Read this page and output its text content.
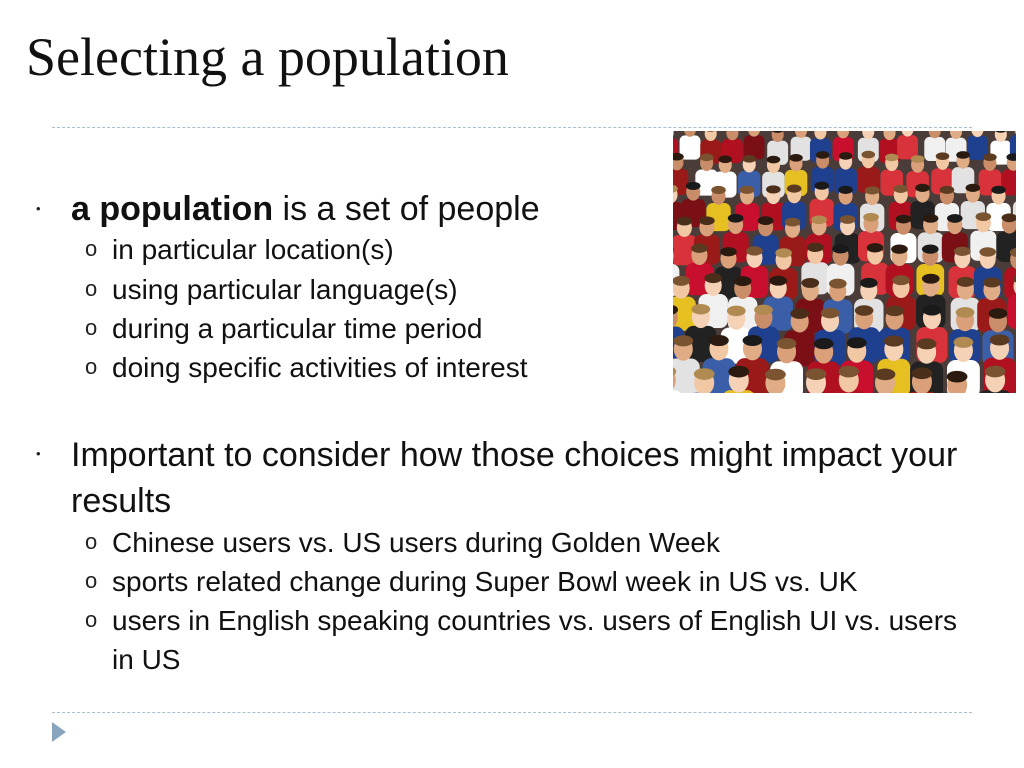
Selecting a population
• a population is a set of people
o in particular location(s)
o using particular language(s)
o during a particular time period
o doing specific activities of interest
• Important to consider how those choices might impact your results
o Chinese users vs. US users during Golden Week
o sports related change during Super Bowl week in US vs. UK
o users in English speaking countries vs. users of English UI vs. users in US
